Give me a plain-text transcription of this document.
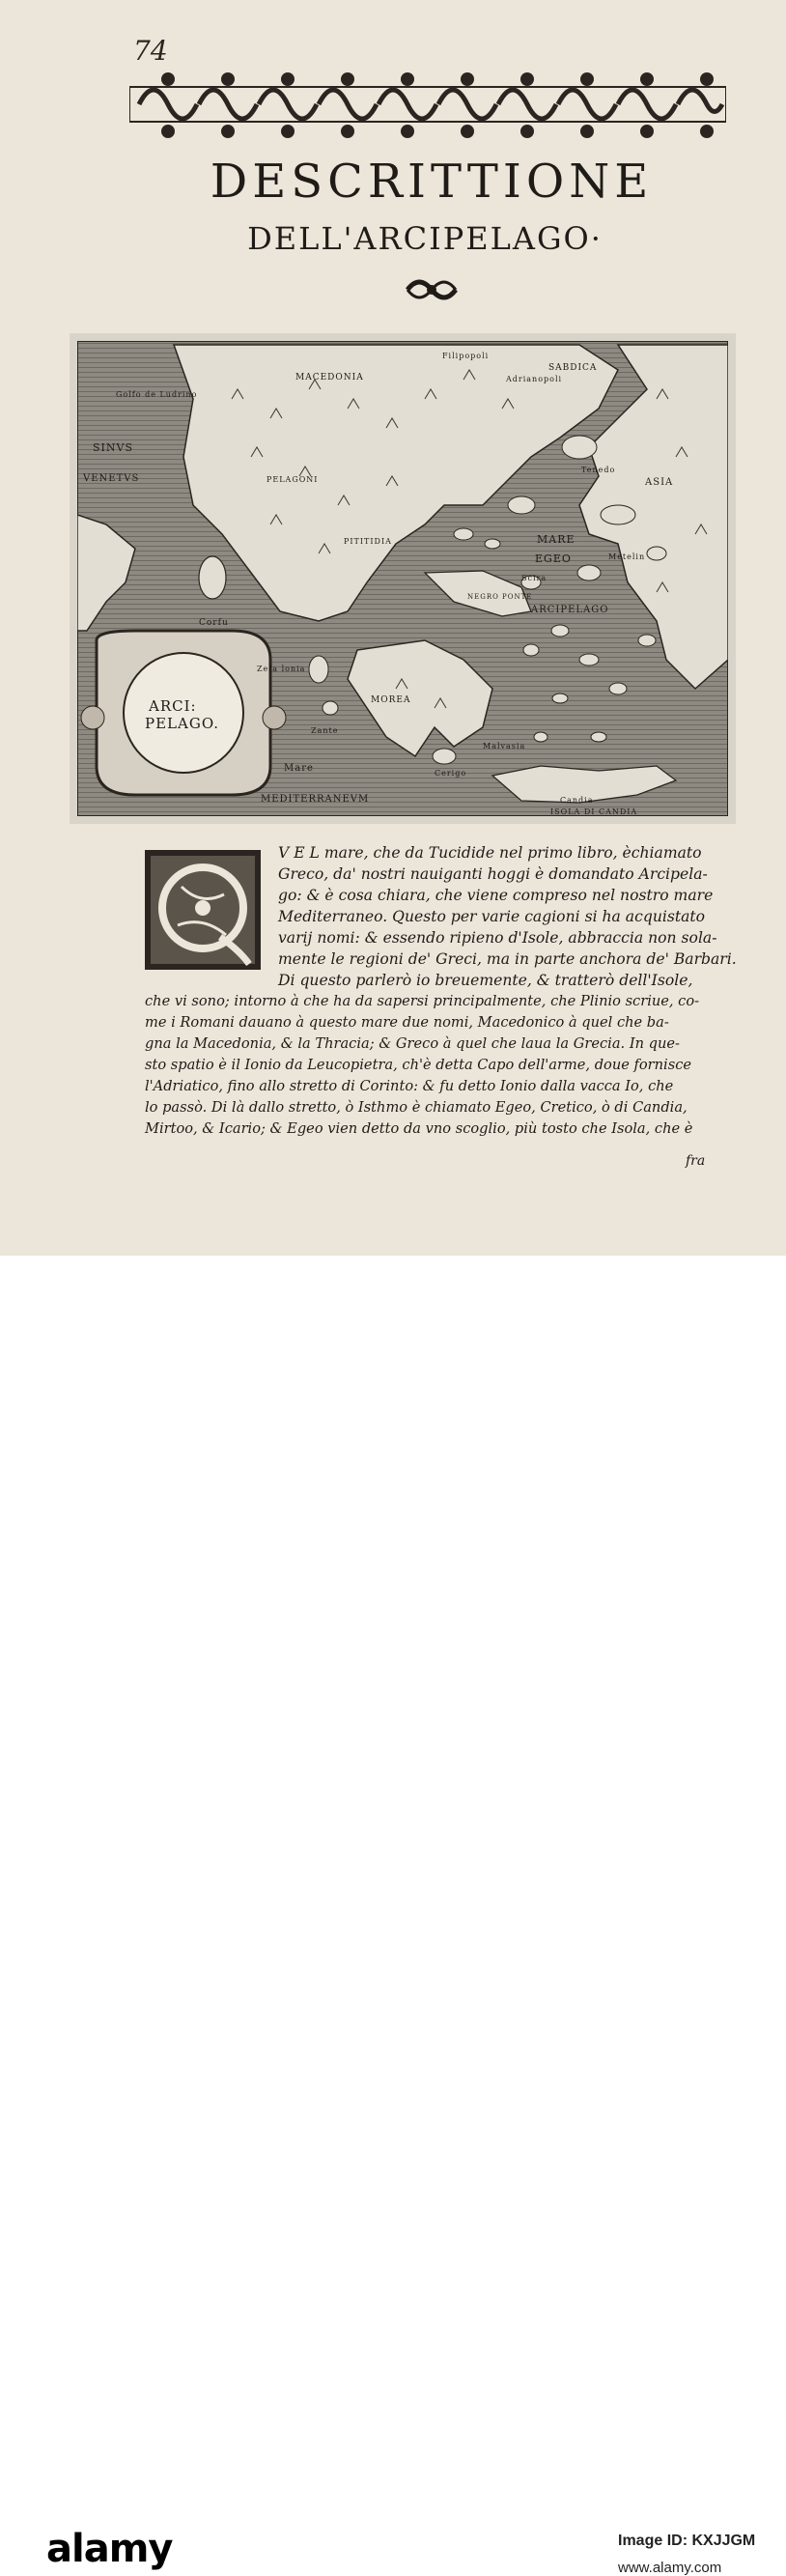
74
DESCRITTIONE
DELL'ARCIPELAGO·
ARCI:
PELAGO.
SINVS
VENETVS
Golfo de Ludrino
MACEDONIA
SABDICA
Filipopoli
Adrianopoli
PELAGONI
PITITIDIA
ASIA
Tenedo
MARE
EGEO
Scira
Metelin
ARCIPELAGO
NEGRO PONTE
Corfu
Zefa lonia
Zante
MOREA
Malvasia
Cerigo
Candia
Mare
MEDITERRANEVM
ISOLA DI CANDIA
V E L mare, che da Tucidide nel primo libro, èchiamato
Greco, da' nostri nauiganti hoggi è domandato Arcipela-
go: & è cosa chiara, che viene compreso nel nostro mare
Mediterraneo. Questo per varie cagioni si ha acquistato
varij nomi: & essendo ripieno d'Isole, abbraccia non sola-
mente le regioni de' Greci, ma in parte anchora de' Barbari.
Di questo parlerò io breuemente, & tratterò dell'Isole,
che vi sono; intorno à che ha da sapersi principalmente, che Plinio scriue, co-
me i Romani dauano à questo mare due nomi, Macedonico à quel che ba-
gna la Macedonia, & la Thracia; & Greco à quel che laua la Grecia. In que-
sto spatio è il Ionio da Leucopietra, ch'è detta Capo dell'arme, doue fornisce
l'Adriatico, fino allo stretto di Corinto: & fu detto Ionio dalla vacca Io, che
lo passò. Di là dallo stretto, ò Isthmo è chiamato Egeo, Cretico, ò di Candia,
Mirtoo, & Icario; & Egeo vien detto da vno scoglio, più tosto che Isola, che è
fra
alamy	Image ID: KXJJGM
www.alamy.com
